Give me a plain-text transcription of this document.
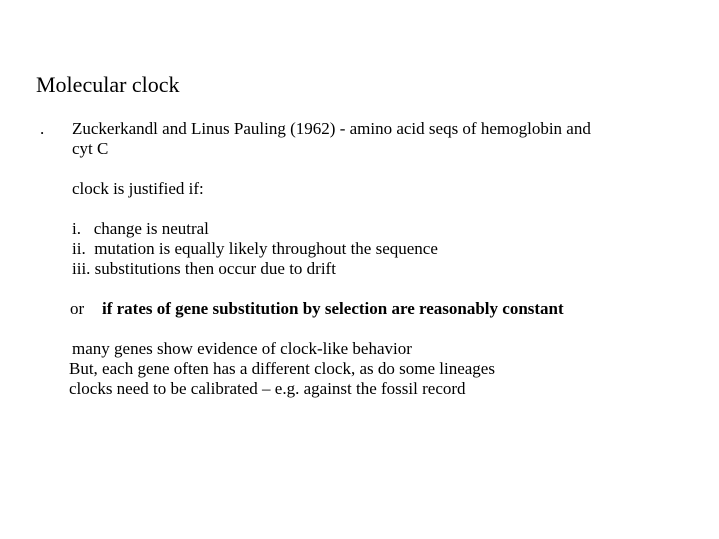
Molecular clock
. Zuckerkandl and Linus Pauling (1962) - amino acid seqs of hemoglobin and
cyt C
clock is justified if:
i.   change is neutral
ii.  mutation is equally likely throughout the sequence
iii. substitutions then occur due to drift
or if rates of gene substitution by selection are reasonably constant
many genes show evidence of clock-like behavior
But, each gene often has a different clock, as do some lineages
clocks need to be calibrated – e.g. against the fossil record
